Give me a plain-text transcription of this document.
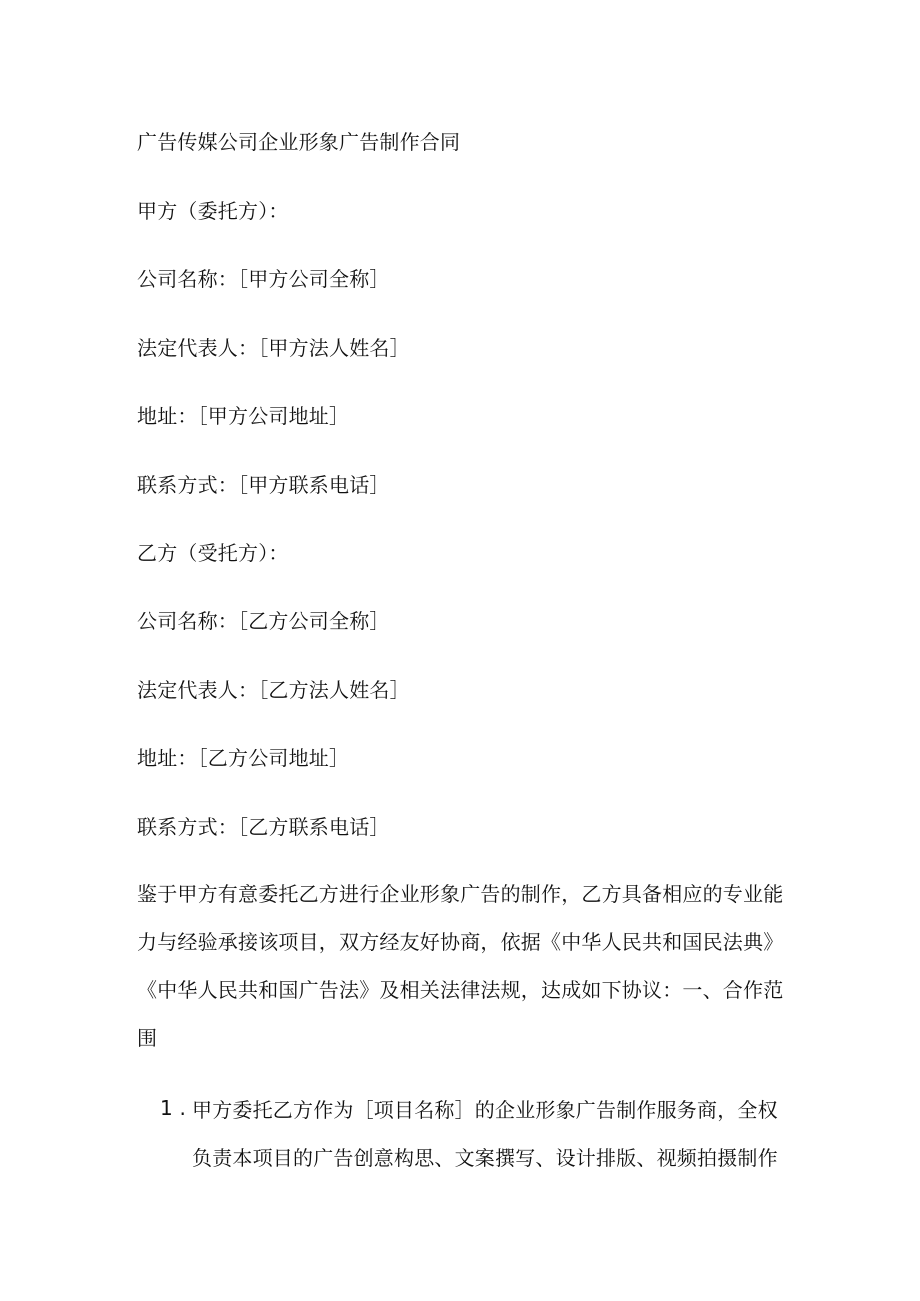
广告传媒公司企业形象广告制作合同
甲方（委托方）：
公司名称：［甲方公司全称］
法定代表人：［甲方法人姓名］
地址：［甲方公司地址］
联系方式：［甲方联系电话］
乙方（受托方）：
公司名称：［乙方公司全称］
法定代表人：［乙方法人姓名］
地址：［乙方公司地址］
联系方式：［乙方联系电话］
鉴于甲方有意委托乙方进行企业形象广告的制作，乙方具备相应的专业能
力与经验承接该项目，双方经友好协商，依据《中华人民共和国民法典》
《中华人民共和国广告法》及相关法律法规，达成如下协议：一、合作范
围
1 . 甲方委托乙方作为［项目名称］的企业形象广告制作服务商，全权
负责本项目的广告创意构思、文案撰写、设计排版、视频拍摄制作
